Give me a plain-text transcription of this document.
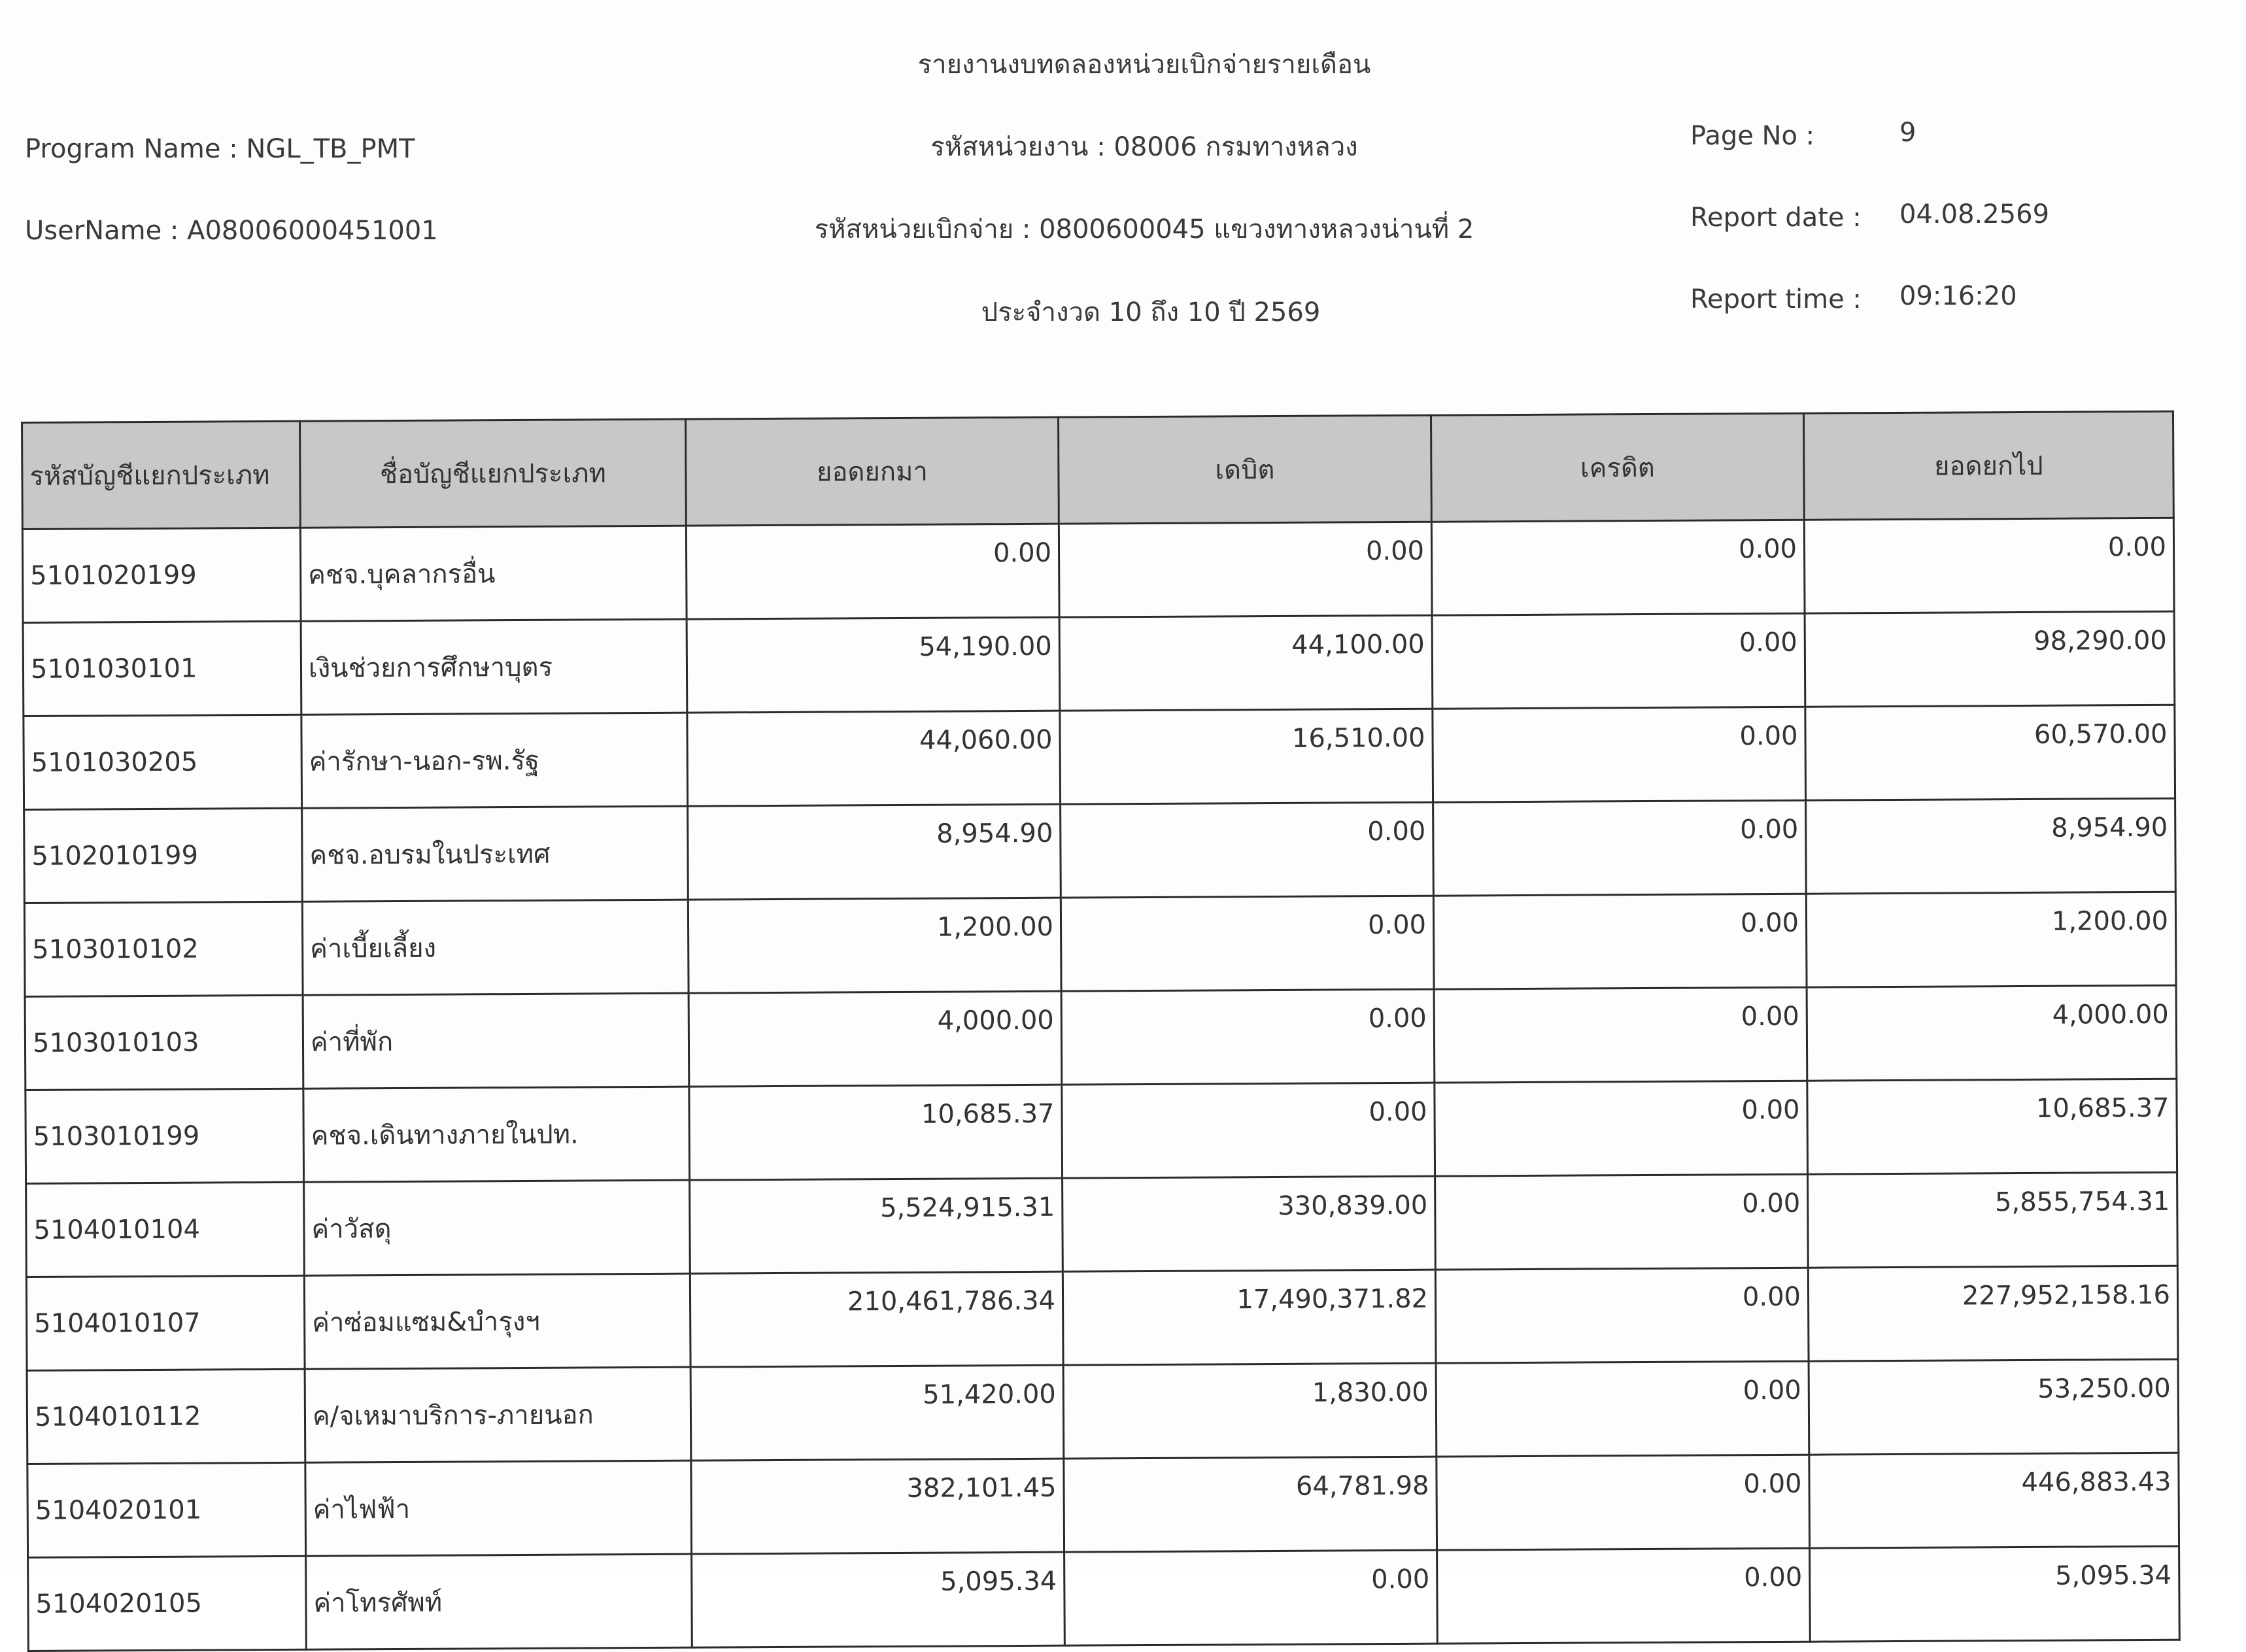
รายงานงบทดลองหน่วยเบิกจ่ายรายเดือน
รหัสหน่วยงาน : 08006 กรมทางหลวง
รหัสหน่วยเบิกจ่าย : 0800600045 แขวงทางหลวงน่านที่ 2
ประจำงวด 10 ถึง 10 ปี 2569
Program Name : NGL_TB_PMT
UserName : A08006000451001
Page No :	9
Report date : 04.08.2569
Report time : 09:16:20
รหัสบัญชีแยกประเภท	ชื่อบัญชีแยกประเภท	ยอดยกมา	เดบิต	เครดิต	ยอดยกไป
5101020199	คชจ.บุคลากรอื่น	0.00	0.00	0.00	0.00
5101030101	เงินช่วยการศึกษาบุตร	54,190.00	44,100.00	0.00	98,290.00
5101030205	ค่ารักษา-นอก-รพ.รัฐ	44,060.00	16,510.00	0.00	60,570.00
5102010199	คชจ.อบรมในประเทศ	8,954.90	0.00	0.00	8,954.90
5103010102	ค่าเบี้ยเลี้ยง	1,200.00	0.00	0.00	1,200.00
5103010103	ค่าที่พัก	4,000.00	0.00	0.00	4,000.00
5103010199	คชจ.เดินทางภายในปท.	10,685.37	0.00	0.00	10,685.37
5104010104	ค่าวัสดุ	5,524,915.31	330,839.00	0.00	5,855,754.31
5104010107	ค่าซ่อมแซม&บำรุงฯ	210,461,786.34	17,490,371.82	0.00	227,952,158.16
5104010112	ค/จเหมาบริการ-ภายนอก	51,420.00	1,830.00	0.00	53,250.00
5104020101	ค่าไฟฟ้า	382,101.45	64,781.98	0.00	446,883.43
5104020105	ค่าโทรศัพท์	5,095.34	0.00	0.00	5,095.34
